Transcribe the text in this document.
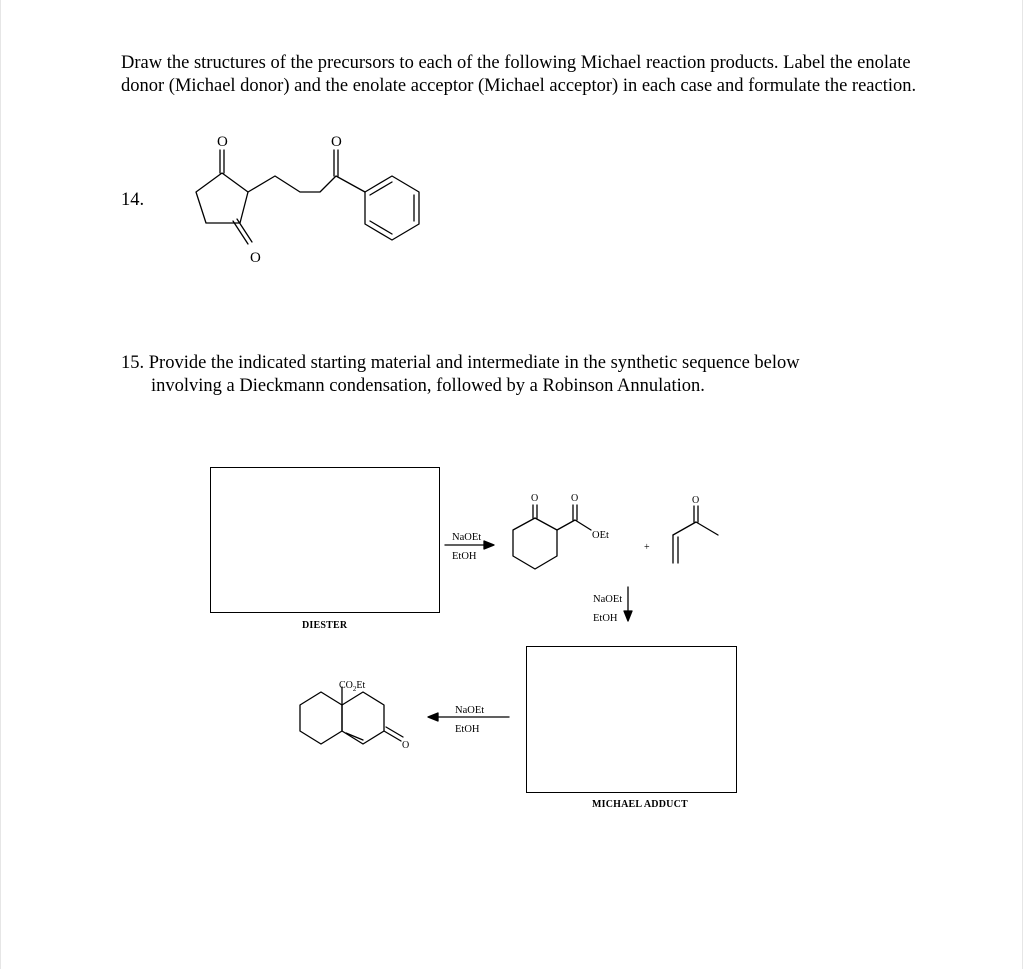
Draw the structures of the precursors to each of the following Michael reaction products. Label the enolate donor (Michael donor) and the enolate acceptor (Michael acceptor) in each case and formulate the reaction.
14.
15. Provide the indicated starting material and intermediate in the synthetic sequence below
involving a Dieckmann condensation, followed by a Robinson Annulation.
DIESTER
MICHAEL ADDUCT
NaOEt
EtOH
NaOEt
EtOH
NaOEt
EtOH
O	O
O
O	O
OEt
+
O
$CO_2Et$
O
